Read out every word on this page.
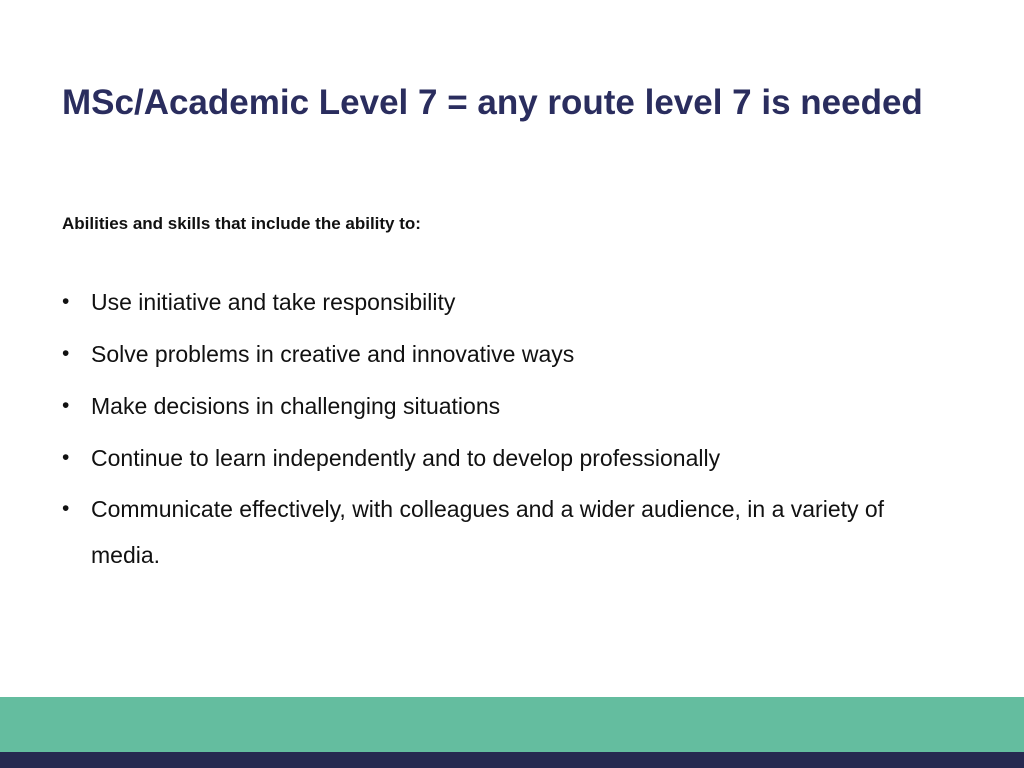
MSc/Academic Level 7 = any route level 7 is needed

Abilities and skills that include the ability to:

• Use initiative and take responsibility
• Solve problems in creative and innovative ways
• Make decisions in challenging situations
• Continue to learn independently and to develop professionally
• Communicate effectively, with colleagues and a wider audience, in a variety of media.
